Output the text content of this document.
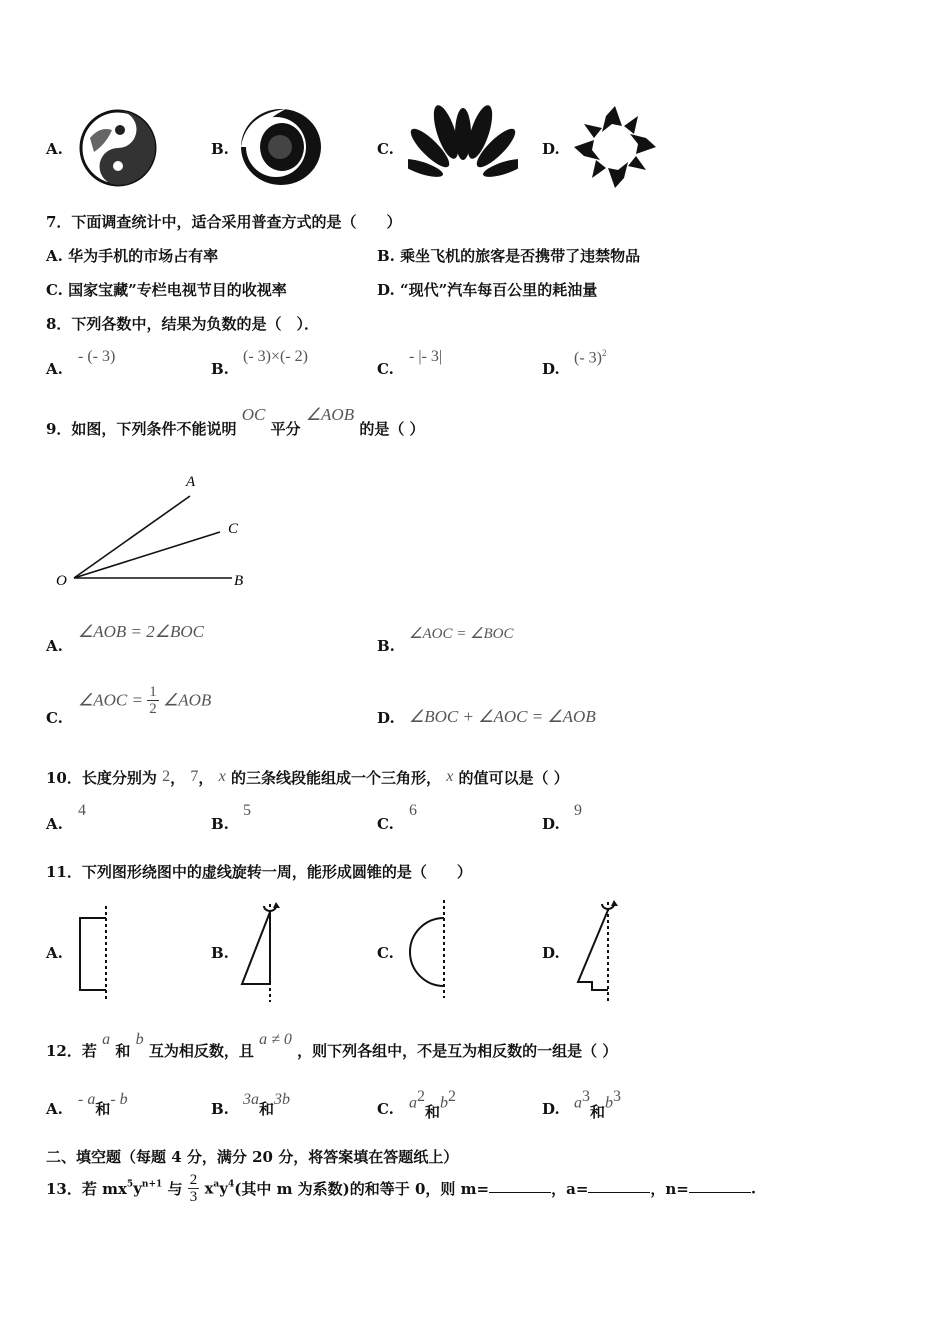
A.	B.	C.	D.
7．下面调查统计中，适合采用普查方式的是（　　）
A. 华为手机的市场占有率	B. 乘坐飞机的旅客是否携带了违禁物品
C. 国家宝藏”专栏电视节目的收视率	D. “现代”汽车每百公里的耗油量
8．下列各数中，结果为负数的是（　）．
A.
- (- 3)
B.
(- 3)×(- 2)
C.
- |- 3|
D.
(- 3)$^2$
9．如图，下列条件不能说明 OC 平分 ∠AOB 的是（ ）
A
C
O	B
A.
∠AOB = 2∠BOC
B.
∠AOC = ∠BOC
C.
∠AOC = $\frac{1}{2}$ ∠AOB
D. ∠BOC + ∠AOC = ∠AOB
10．长度分别为 2， 7， x 的三条线段能组成一个三角形， x 的值可以是（ ）
A.
4
B.
5
C.
6
D.
9
11．下列图形绕图中的虚线旋转一周，能形成圆锥的是（　　）
A.	B.	C.	D.
12．若 a 和 b 互为相反数，且 a ≠ 0 ，则下列各组中，不是互为相反数的一组是（ ）
A.
- a和- b
B.
3a和3b
C. $a^2$和$b^2$
D. $a^3$和$b^3$
二、填空题（每题 4 分，满分 20 分，将答案填在答题纸上）
13．若 $mx^5y^{n+1}$ 与 $\frac{2}{3} x^ay^4$(其中 m 为系数)的和等于 0，则 m=	，a=	，n=	.
